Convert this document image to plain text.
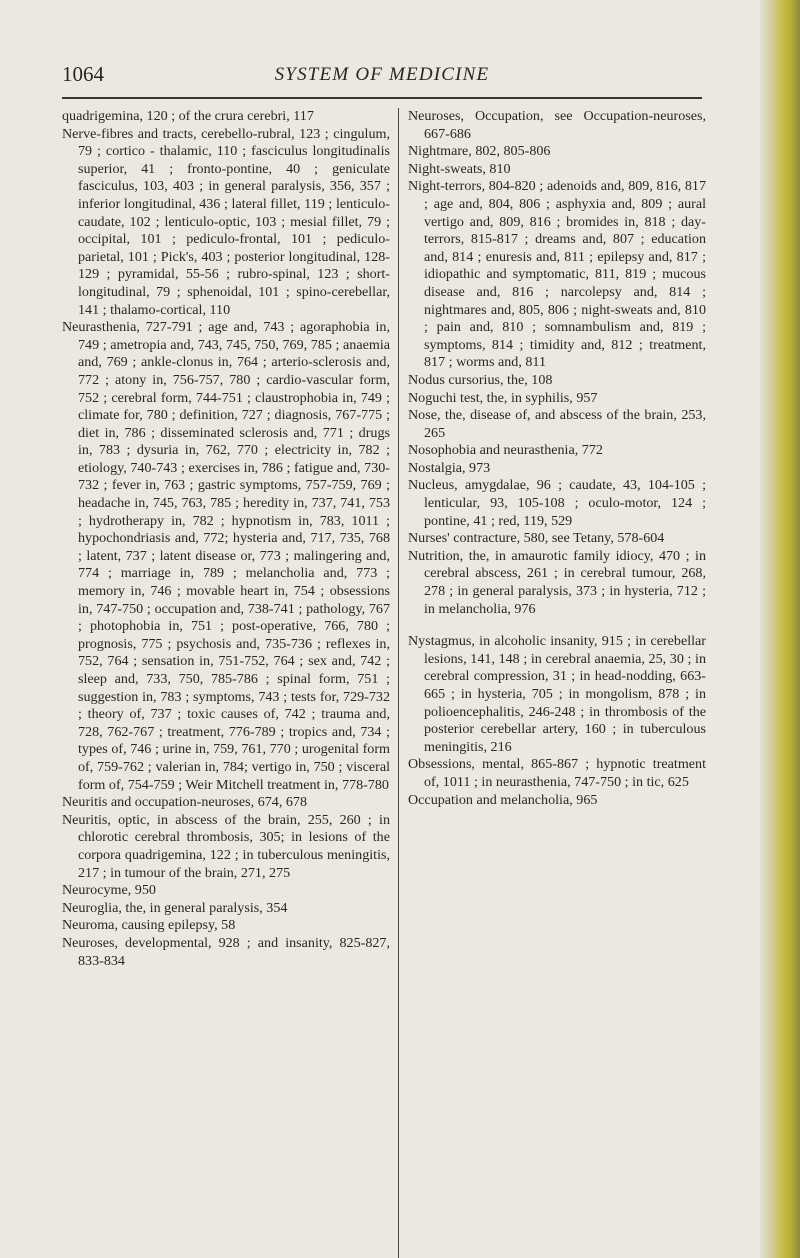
1064	SYSTEM OF MEDICINE

quadrigemina, 120 ; of the crura cerebri, 117

Nerve-fibres and tracts, cerebello-rubral, 123 ; cingulum, 79 ; cortico - thalamic, 110 ; fasciculus longitudinalis superior, 41 ; fronto-pontine, 40 ; geniculate fasciculus, 103, 403 ; in general paralysis, 356, 357 ; inferior longitudinal, 436 ; lateral fillet, 119 ; lenticulo-caudate, 102 ; lenticulo-optic, 103 ; mesial fillet, 79 ; occipital, 101 ; pediculo-frontal, 101 ; pediculo-parietal, 101 ; Pick's, 403 ; posterior longitudinal, 128-129 ; pyramidal, 55-56 ; rubro-spinal, 123 ; short-longitudinal, 79 ; sphenoidal, 101 ; spino-cerebellar, 141 ; thalamo-cortical, 110

Neurasthenia, 727-791 ; age and, 743 ; agoraphobia in, 749 ; ametropia and, 743, 745, 750, 769, 785 ; anaemia and, 769 ; ankle-clonus in, 764 ; arterio-sclerosis and, 772 ; atony in, 756-757, 780 ; cardio-vascular form, 752 ; cerebral form, 744-751 ; claustrophobia in, 749 ; climate for, 780 ; definition, 727 ; diagnosis, 767-775 ; diet in, 786 ; disseminated sclerosis and, 771 ; drugs in, 783 ; dysuria in, 762, 770 ; electricity in, 782 ; etiology, 740-743 ; exercises in, 786 ; fatigue and, 730-732 ; fever in, 763 ; gastric symptoms, 757-759, 769 ; headache in, 745, 763, 785 ; heredity in, 737, 741, 753 ; hydrotherapy in, 782 ; hypnotism in, 783, 1011 ; hypochondriasis and, 772; hysteria and, 717, 735, 768 ; latent, 737 ; latent disease or, 773 ; malingering and, 774 ; marriage in, 789 ; melancholia and, 773 ; memory in, 746 ; movable heart in, 754 ; obsessions in, 747-750 ; occupation and, 738-741 ; pathology, 767 ; photophobia in, 751 ; post-operative, 766, 780 ; prognosis, 775 ; psychosis and, 735-736 ; reflexes in, 752, 764 ; sensation in, 751-752, 764 ; sex and, 742 ; sleep and, 733, 750, 785-786 ; spinal form, 751 ; suggestion in, 783 ; symptoms, 743 ; tests for, 729-732 ; theory of, 737 ; toxic causes of, 742 ; trauma and, 728, 762-767 ; treatment, 776-789 ; tropics and, 734 ; types of, 746 ; urine in, 759, 761, 770 ; urogenital form of, 759-762 ; valerian in, 784; vertigo in, 750 ; visceral form of, 754-759 ; Weir Mitchell treatment in, 778-780

Neuritis and occupation-neuroses, 674, 678

Neuritis, optic, in abscess of the brain, 255, 260 ; in chlorotic cerebral thrombosis, 305; in lesions of the corpora quadrigemina, 122 ; in tuberculous meningitis, 217 ; in tumour of the brain, 271, 275

Neurocyme, 950

Neuroglia, the, in general paralysis, 354

Neuroma, causing epilepsy, 58

Neuroses, developmental, 928 ; and insanity, 825-827, 833-834

Neuroses, Occupation, see Occupation-neuroses, 667-686

Nightmare, 802, 805-806

Night-sweats, 810

Night-terrors, 804-820 ; adenoids and, 809, 816, 817 ; age and, 804, 806 ; asphyxia and, 809 ; aural vertigo and, 809, 816 ; bromides in, 818 ; day-terrors, 815-817 ; dreams and, 807 ; education and, 814 ; enuresis and, 811 ; epilepsy and, 817 ; idiopathic and symptomatic, 811, 819 ; mucous disease and, 816 ; narcolepsy and, 814 ; nightmares and, 805, 806 ; night-sweats and, 810 ; pain and, 810 ; somnambulism and, 819 ; symptoms, 814 ; timidity and, 812 ; treatment, 817 ; worms and, 811

Nodus cursorius, the, 108

Noguchi test, the, in syphilis, 957

Nose, the, disease of, and abscess of the brain, 253, 265

Nosophobia and neurasthenia, 772

Nostalgia, 973

Nucleus, amygdalae, 96 ; caudate, 43, 104-105 ; lenticular, 93, 105-108 ; oculo-motor, 124 ; pontine, 41 ; red, 119, 529

Nurses' contracture, 580, see Tetany, 578-604

Nutrition, the, in amaurotic family idiocy, 470 ; in cerebral abscess, 261 ; in cerebral tumour, 268, 278 ; in general paralysis, 373 ; in hysteria, 712 ; in melancholia, 976

Nystagmus, in alcoholic insanity, 915 ; in cerebellar lesions, 141, 148 ; in cerebral anaemia, 25, 30 ; in cerebral compression, 31 ; in head-nodding, 663-665 ; in hysteria, 705 ; in mongolism, 878 ; in polioencephalitis, 246-248 ; in thrombosis of the posterior cerebellar artery, 160 ; in tuberculous meningitis, 216

Obsessions, mental, 865-867 ; hypnotic treatment of, 1011 ; in neurasthenia, 747-750 ; in tic, 625

Occupation and melancholia, 965
